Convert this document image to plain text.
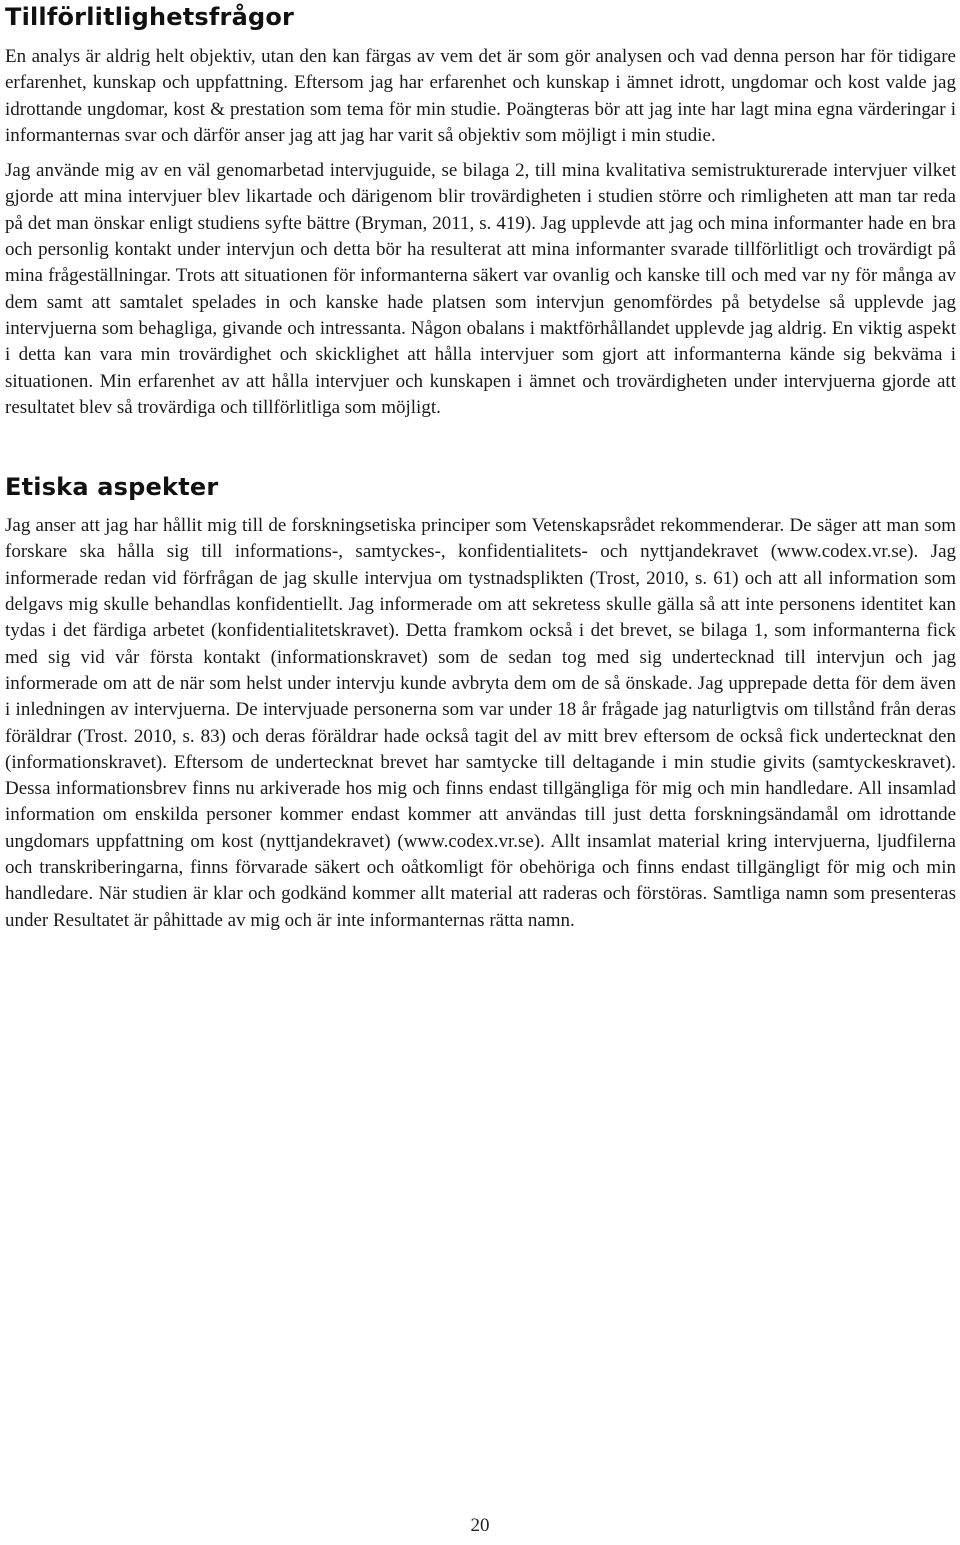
Tillförlitlighetsfrågor

En analys är aldrig helt objektiv, utan den kan färgas av vem det är som gör analysen och vad denna person har för tidigare erfarenhet, kunskap och uppfattning. Eftersom jag har erfarenhet och kunskap i ämnet idrott, ungdomar och kost valde jag idrottande ungdomar, kost & prestation som tema för min studie. Poängteras bör att jag inte har lagt mina egna värderingar i informanternas svar och därför anser jag att jag har varit så objektiv som möjligt i min studie.

Jag använde mig av en väl genomarbetad intervjuguide, se bilaga 2, till mina kvalitativa semistrukturerade intervjuer vilket gjorde att mina intervjuer blev likartade och därigenom blir trovärdigheten i studien större och rimligheten att man tar reda på det man önskar enligt studiens syfte bättre (Bryman, 2011, s. 419). Jag upplevde att jag och mina informanter hade en bra och personlig kontakt under intervjun och detta bör ha resulterat att mina informanter svarade tillförlitligt och trovärdigt på mina frågeställningar. Trots att situationen för informanterna säkert var ovanlig och kanske till och med var ny för många av dem samt att samtalet spelades in och kanske hade platsen som intervjun genomfördes på betydelse så upplevde jag intervjuerna som behagliga, givande och intressanta. Någon obalans i maktförhållandet upplevde jag aldrig. En viktig aspekt i detta kan vara min trovärdighet och skicklighet att hålla intervjuer som gjort att informanterna kände sig bekväma i situationen. Min erfarenhet av att hålla intervjuer och kunskapen i ämnet och trovärdigheten under intervjuerna gjorde att resultatet blev så trovärdiga och tillförlitliga som möjligt.

Etiska aspekter

Jag anser att jag har hållit mig till de forskningsetiska principer som Vetenskapsrådet rekommenderar. De säger att man som forskare ska hålla sig till informations-, samtyckes-, konfidentialitets- och nyttjandekravet (www.codex.vr.se). Jag informerade redan vid förfrågan de jag skulle intervjua om tystnadsplikten (Trost, 2010, s. 61) och att all information som delgavs mig skulle behandlas konfidentiellt. Jag informerade om att sekretess skulle gälla så att inte personens identitet kan tydas i det färdiga arbetet (konfidentialitetskravet). Detta framkom också i det brevet, se bilaga 1, som informanterna fick med sig vid vår första kontakt (informationskravet) som de sedan tog med sig undertecknad till intervjun och jag informerade om att de när som helst under intervju kunde avbryta dem om de så önskade. Jag upprepade detta för dem även i inledningen av intervjuerna. De intervjuade personerna som var under 18 år frågade jag naturligtvis om tillstånd från deras föräldrar (Trost. 2010, s. 83) och deras föräldrar hade också tagit del av mitt brev eftersom de också fick undertecknat den (informationskravet). Eftersom de undertecknat brevet har samtycke till deltagande i min studie givits (samtyckeskravet). Dessa informationsbrev finns nu arkiverade hos mig och finns endast tillgängliga för mig och min handledare. All insamlad information om enskilda personer kommer endast kommer att användas till just detta forskningsändamål om idrottande ungdomars uppfattning om kost (nyttjandekravet) (www.codex.vr.se). Allt insamlat material kring intervjuerna, ljudfilerna och transkriberingarna, finns förvarade säkert och oåtkomligt för obehöriga och finns endast tillgängligt för mig och min handledare. När studien är klar och godkänd kommer allt material att raderas och förstöras. Samtliga namn som presenteras under Resultatet är påhittade av mig och är inte informanternas rätta namn.

20
